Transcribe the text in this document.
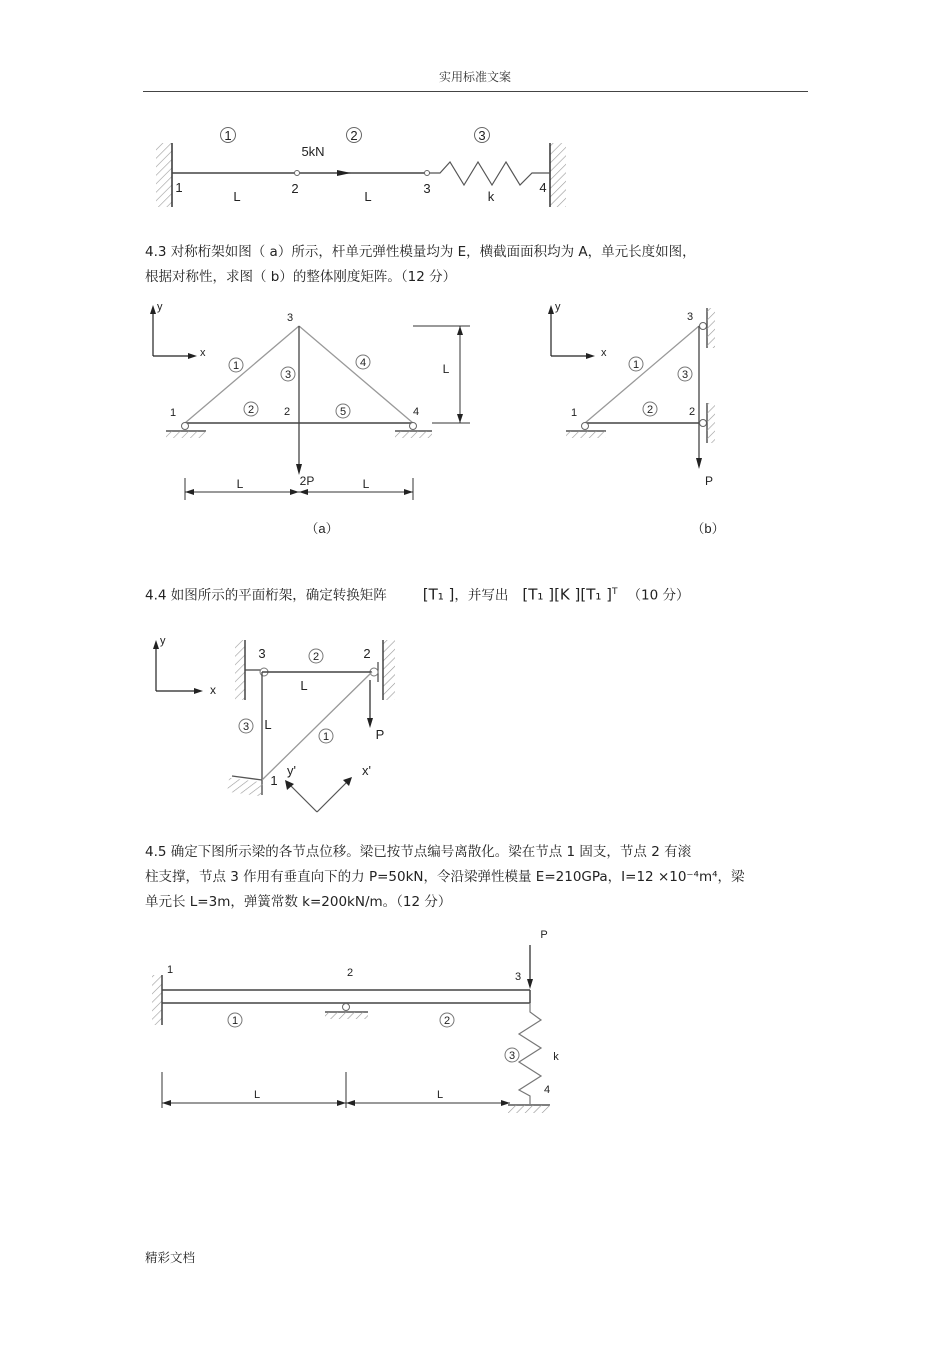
实用标准文案
1	2	3
5kN
1	2	3	4
L	L	k
y
x
1
2
3
4
5
1	2
3
4
L
2P
L	L
（a）
y
x
1
2
3
1	2
3
P
（b）
y
x
1
2
3
1
2
3
L
L
P
x'
y'
1	2
3
1	2	3
4
P
k
L	L
4.3 对称桁架如图（ a）所示，杆单元弹性模量均为 E，横截面面积均为 A，单元长度如图，
根据对称性，求图（ b）的整体刚度矩阵。（12 分）
4.4 如图所示的平面桁架，确定转换矩阵 [T₁ ]，并写出 [T₁ ][K ][T₁ ]$^T$ （10 分）
4.5 确定下图所示梁的各节点位移。梁已按节点编号离散化。梁在节点 1 固支，节点 2 有滚
柱支撑，节点 3 作用有垂直向下的力 P=50kN，令沿梁弹性模量 E=210GPa，I=12 ×10⁻⁴m⁴，梁
单元长 L=3m，弹簧常数 k=200kN/m。（12 分）
精彩文档
